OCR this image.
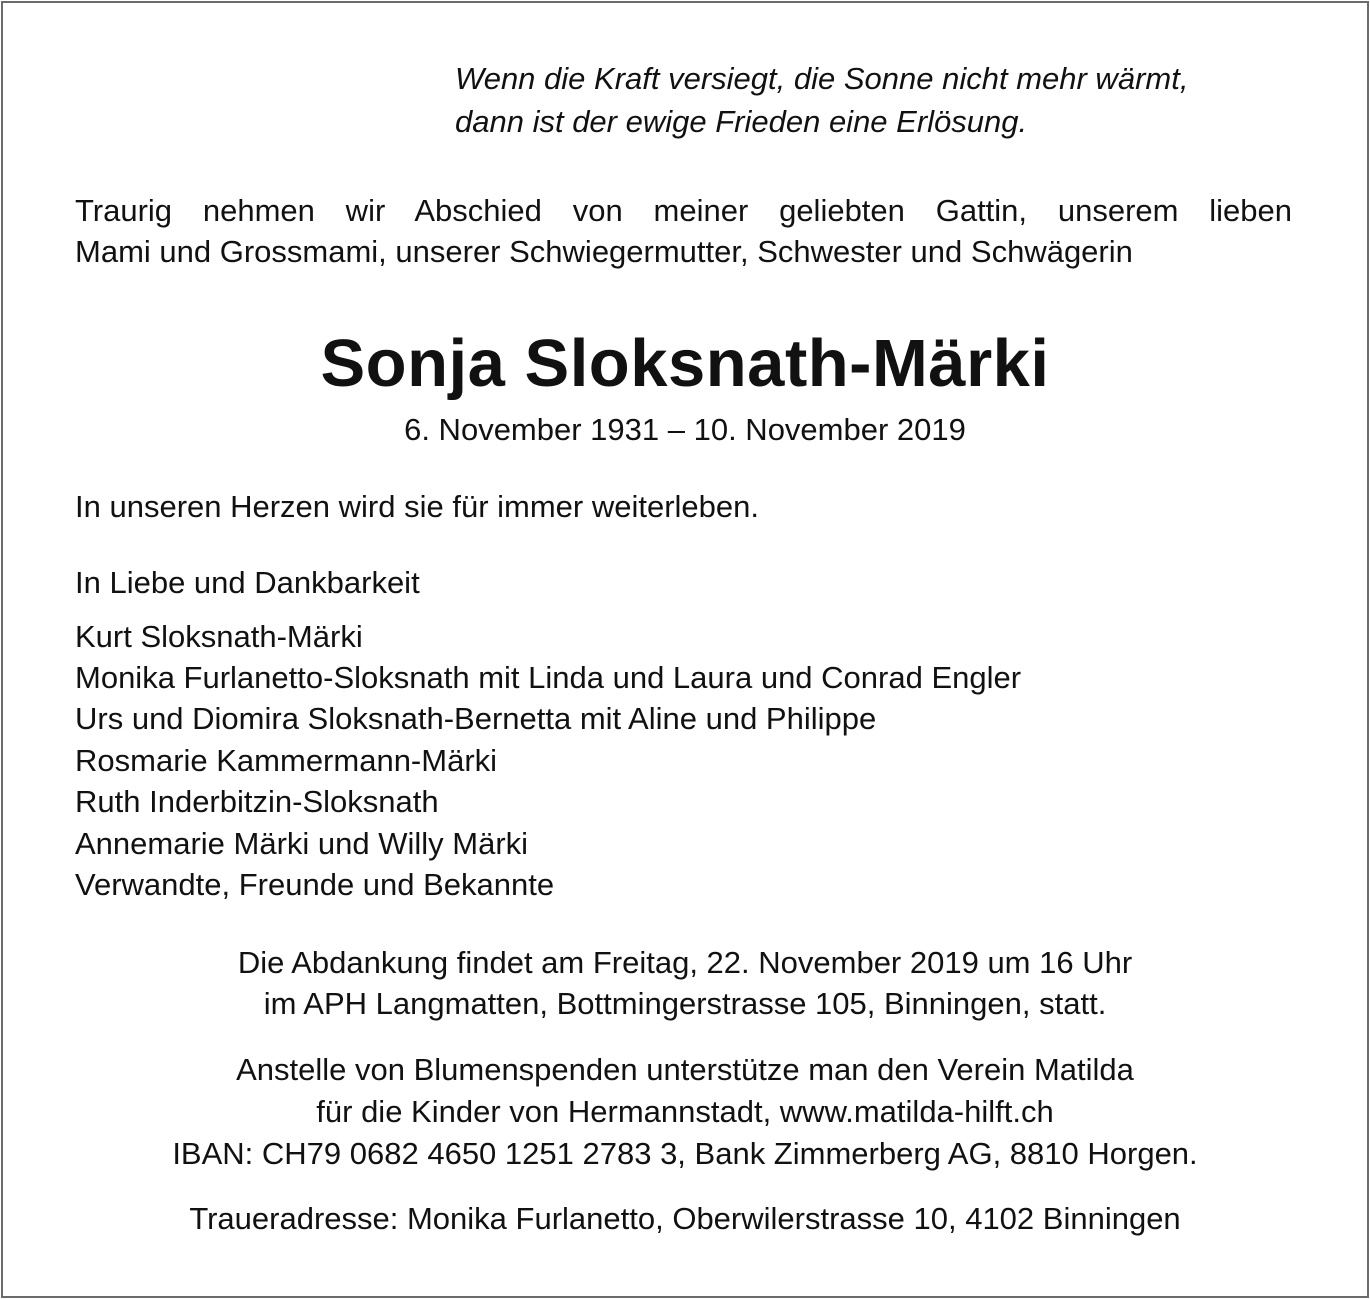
Wenn die Kraft versiegt, die Sonne nicht mehr wärmt,
dann ist der ewige Frieden eine Erlösung.
Traurig nehmen wir Abschied von meiner geliebten Gattin, unserem lieben
Mami und Grossmami, unserer Schwiegermutter, Schwester und Schwägerin
Sonja Sloksnath-Märki
6. November 1931 – 10. November 2019
In unseren Herzen wird sie für immer weiterleben.
In Liebe und Dankbarkeit
Kurt Sloksnath-Märki
Monika Furlanetto-Sloksnath mit Linda und Laura und Conrad Engler
Urs und Diomira Sloksnath-Bernetta mit Aline und Philippe
Rosmarie Kammermann-Märki
Ruth Inderbitzin-Sloksnath
Annemarie Märki und Willy Märki
Verwandte, Freunde und Bekannte
Die Abdankung findet am Freitag, 22. November 2019 um 16 Uhr
im APH Langmatten, Bottmingerstrasse 105, Binningen, statt.
Anstelle von Blumenspenden unterstütze man den Verein Matilda
für die Kinder von Hermannstadt, www.matilda-hilft.ch
IBAN: CH79 0682 4650 1251 2783 3, Bank Zimmerberg AG, 8810 Horgen.
Traueradresse: Monika Furlanetto, Oberwilerstrasse 10, 4102 Binningen
